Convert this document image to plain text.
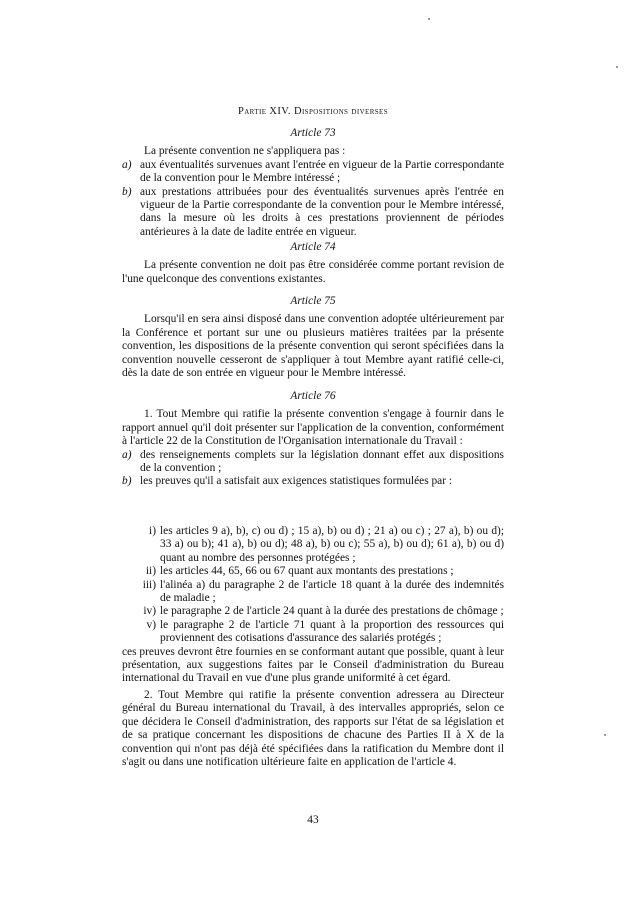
Partie XIV. Dispositions diverses

Article 73

La présente convention ne s'appliquera pas :

a) aux éventualités survenues avant l'entrée en vigueur de la Partie correspondante de la convention pour le Membre intéressé ;
b) aux prestations attribuées pour des éventualités survenues après l'entrée en vigueur de la Partie correspondante de la convention pour le Membre intéressé, dans la mesure où les droits à ces prestations proviennent de périodes antérieures à la date de ladite entrée en vigueur.

Article 74

La présente convention ne doit pas être considérée comme portant revision de l'une quelconque des conventions existantes.

Article 75

Lorsqu'il en sera ainsi disposé dans une convention adoptée ultérieurement par la Conférence et portant sur une ou plusieurs matières traitées par la présente convention, les dispositions de la présente convention qui seront spécifiées dans la convention nouvelle cesseront de s'appliquer à tout Membre ayant ratifié celle-ci, dès la date de son entrée en vigueur pour le Membre intéressé.

Article 76

1. Tout Membre qui ratifie la présente convention s'engage à fournir dans le rapport annuel qu'il doit présenter sur l'application de la convention, conformément à l'article 22 de la Constitution de l'Organisation internationale du Travail :

a) des renseignements complets sur la législation donnant effet aux dispositions de la convention ;
b) les preuves qu'il a satisfait aux exigences statistiques formulées par :
i) les articles 9 a), b), c) ou d) ; 15 a), b) ou d) ; 21 a) ou c) ; 27 a), b) ou d); 33 a) ou b); 41 a), b) ou d); 48 a), b) ou c); 55 a), b) ou d); 61 a), b) ou d) quant au nombre des personnes protégées ;
ii) les articles 44, 65, 66 ou 67 quant aux montants des prestations ;
iii) l'alinéa a) du paragraphe 2 de l'article 18 quant à la durée des indemnités de maladie ;
iv) le paragraphe 2 de l'article 24 quant à la durée des prestations de chômage ;
v) le paragraphe 2 de l'article 71 quant à la proportion des ressources qui proviennent des cotisations d'assurance des salariés protégés ;

ces preuves devront être fournies en se conformant autant que possible, quant à leur présentation, aux suggestions faites par le Conseil d'administration du Bureau international du Travail en vue d'une plus grande uniformité à cet égard.

2. Tout Membre qui ratifie la présente convention adressera au Directeur général du Bureau international du Travail, à des intervalles appropriés, selon ce que décidera le Conseil d'administration, des rapports sur l'état de sa législation et de sa pratique concernant les dispositions de chacune des Parties II à X de la convention qui n'ont pas déjà été spécifiées dans la ratification du Membre dont il s'agit ou dans une notification ultérieure faite en application de l'article 4.

43
